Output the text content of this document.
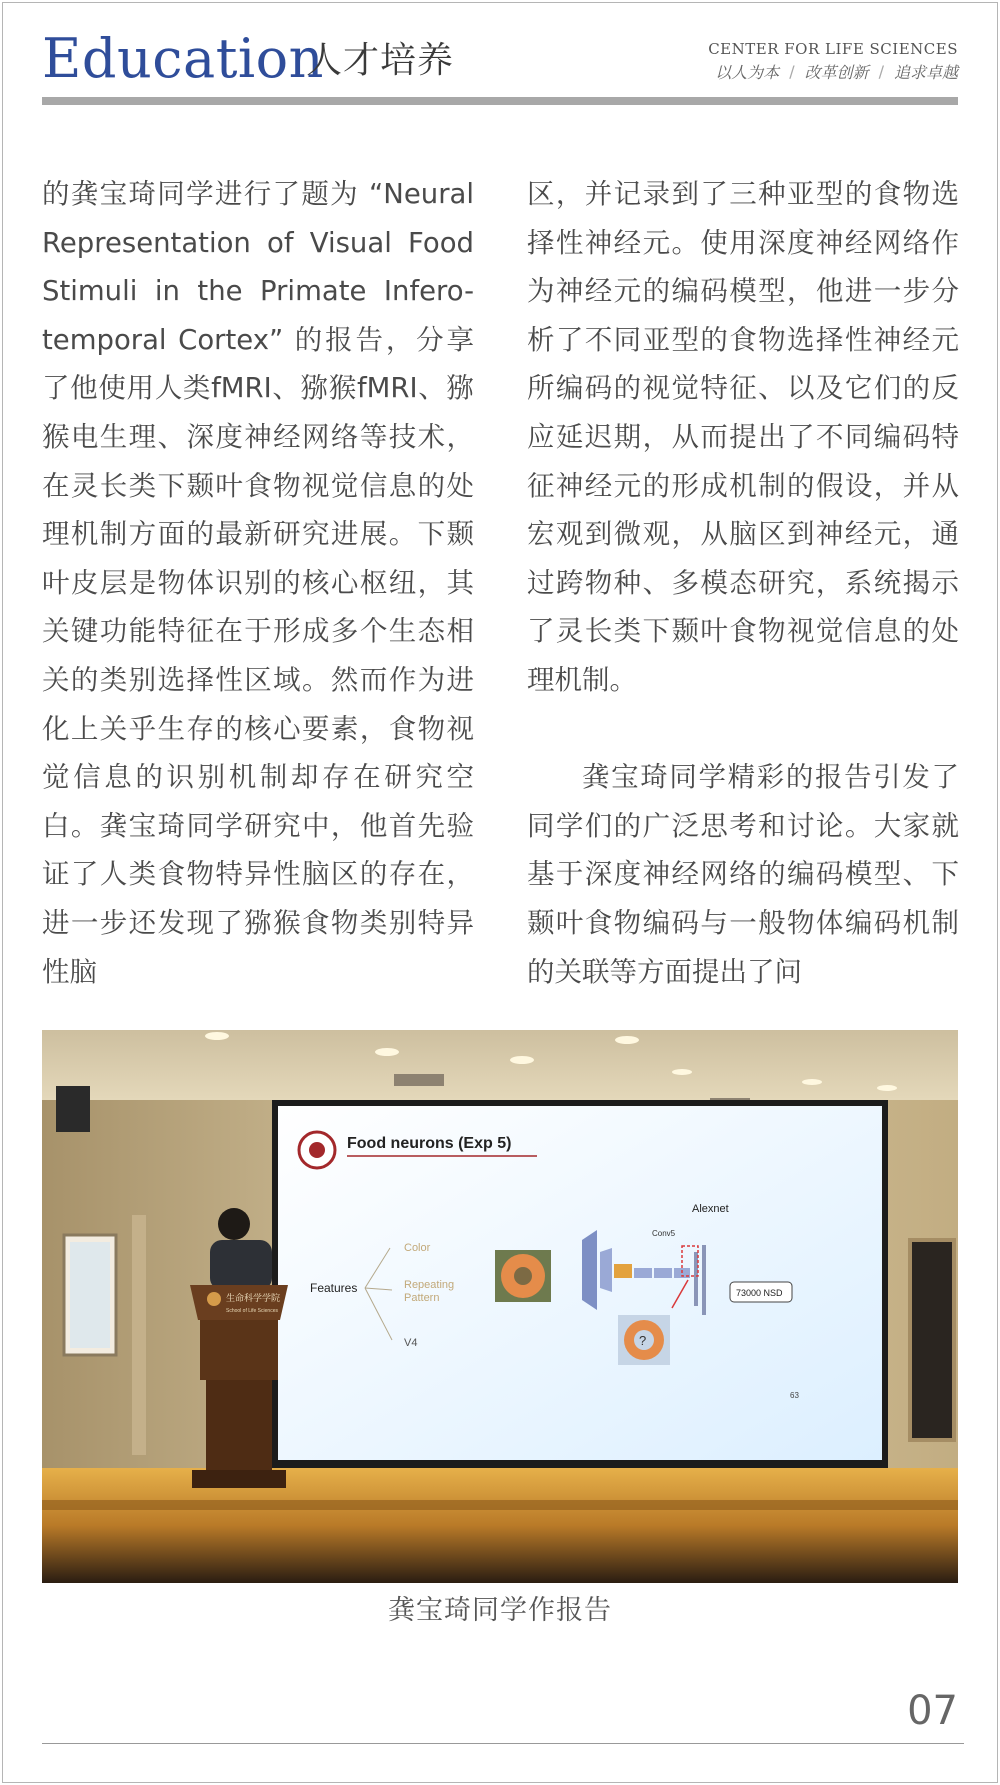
Education
人才培养	CENTER FOR LIFE SCIENCES
以人为本 / 改革创新 / 追求卓越

的龚宝琦同学进行了题为 “Neural Representation of Visual Food Stimuli in the Primate Infero-temporal Cortex” 的报告，分享了他使用人类fMRI、猕猴fMRI、猕猴电生理、深度神经网络等技术，在灵长类下颞叶食物视觉信息的处理机制方面的最新研究进展。下颞叶皮层是物体识别的核心枢纽，其关键功能特征在于形成多个生态相关的类别选择性区域。然而作为进化上关乎生存的核心要素，食物视觉信息的识别机制却存在研究空白。龚宝琦同学研究中，他首先验证了人类食物特异性脑区的存在，进一步还发现了猕猴食物类别特异性脑

区，并记录到了三种亚型的食物选择性神经元。使用深度神经网络作为神经元的编码模型，他进一步分析了不同亚型的食物选择性神经元所编码的视觉特征、以及它们的反应延迟期，从而提出了不同编码特征神经元的形成机制的假设，并从宏观到微观，从脑区到神经元，通过跨物种、多模态研究，系统揭示了灵长类下颞叶食物视觉信息的处理机制。

龚宝琦同学精彩的报告引发了同学们的广泛思考和讨论。大家就基于深度神经网络的编码模型、下颞叶食物编码与一般物体编码机制的关联等方面提出了问

Food neurons (Exp 5)
Features
Color
Repeating
Pattern
V4
Conv5
Alexnet
73000 NSD
?
63
生命科学学院
School of Life Sciences
龚宝琦同学作报告
07
